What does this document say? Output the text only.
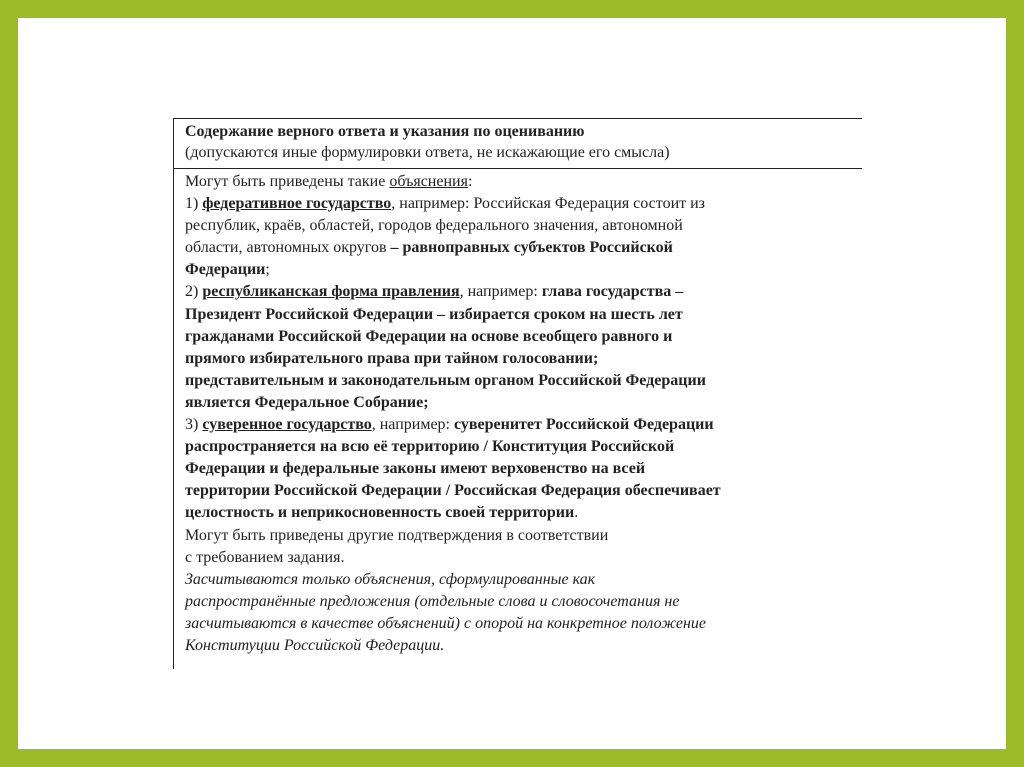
Содержание верного ответа и указания по оцениванию
(допускаются иные формулировки ответа, не искажающие его смысла)
Могут быть приведены такие объяснения:
1) федеративное государство, например: Российская Федерация состоит из
республик, краёв, областей, городов федерального значения, автономной
области, автономных округов – равноправных субъектов Российской
Федерации;
2) республиканская форма правления, например: глава государства –
Президент Российской Федерации – избирается сроком на шесть лет
гражданами Российской Федерации на основе всеобщего равного и
прямого избирательного права при тайном голосовании;
представительным и законодательным органом Российской Федерации
является Федеральное Собрание;
3) суверенное государство, например: суверенитет Российской Федерации
распространяется на всю её территорию / Конституция Российской
Федерации и федеральные законы имеют верховенство на всей
территории Российской Федерации / Российская Федерация обеспечивает
целостность и неприкосновенность своей территории.
Могут быть приведены другие подтверждения в соответствии
с требованием задания.
Засчитываются только объяснения, сформулированные как
распространённые предложения (отдельные слова и словосочетания не
засчитываются в качестве объяснений) с опорой на конкретное положение
Конституции Российской Федерации.
